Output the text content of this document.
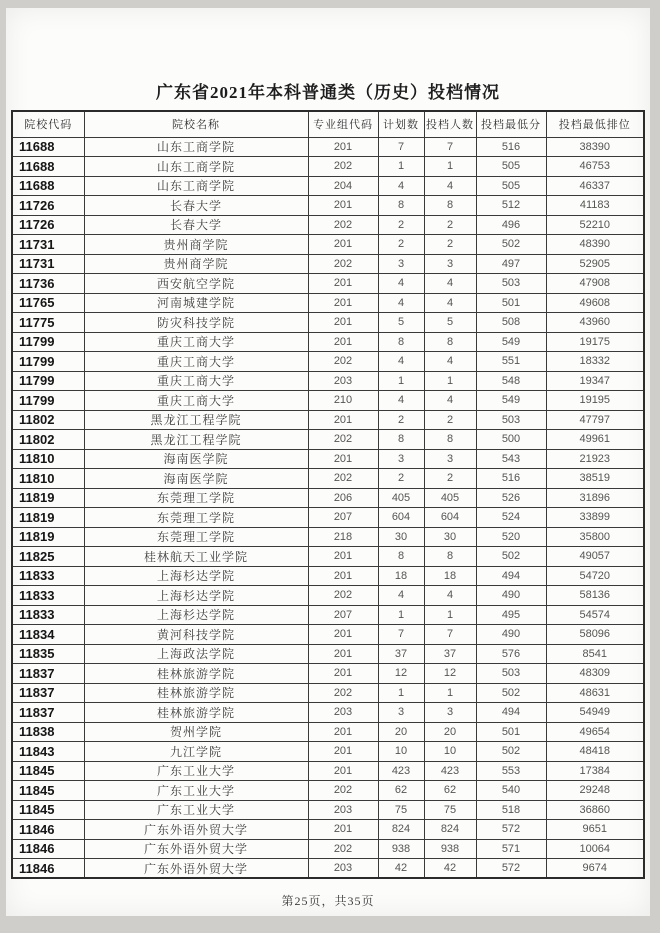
广东省2021年本科普通类（历史）投档情况
院校代码	院校名称	专业组代码	计划数	投档人数	投档最低分	投档最低排位
11688	山东工商学院	201	7	7	516	38390
11688	山东工商学院	202	1	1	505	46753
11688	山东工商学院	204	4	4	505	46337
11726	长春大学	201	8	8	512	41183
11726	长春大学	202	2	2	496	52210
11731	贵州商学院	201	2	2	502	48390
11731	贵州商学院	202	3	3	497	52905
11736	西安航空学院	201	4	4	503	47908
11765	河南城建学院	201	4	4	501	49608
11775	防灾科技学院	201	5	5	508	43960
11799	重庆工商大学	201	8	8	549	19175
11799	重庆工商大学	202	4	4	551	18332
11799	重庆工商大学	203	1	1	548	19347
11799	重庆工商大学	210	4	4	549	19195
11802	黑龙江工程学院	201	2	2	503	47797
11802	黑龙江工程学院	202	8	8	500	49961
11810	海南医学院	201	3	3	543	21923
11810	海南医学院	202	2	2	516	38519
11819	东莞理工学院	206	405	405	526	31896
11819	东莞理工学院	207	604	604	524	33899
11819	东莞理工学院	218	30	30	520	35800
11825	桂林航天工业学院	201	8	8	502	49057
11833	上海杉达学院	201	18	18	494	54720
11833	上海杉达学院	202	4	4	490	58136
11833	上海杉达学院	207	1	1	495	54574
11834	黄河科技学院	201	7	7	490	58096
11835	上海政法学院	201	37	37	576	8541
11837	桂林旅游学院	201	12	12	503	48309
11837	桂林旅游学院	202	1	1	502	48631
11837	桂林旅游学院	203	3	3	494	54949
11838	贺州学院	201	20	20	501	49654
11843	九江学院	201	10	10	502	48418
11845	广东工业大学	201	423	423	553	17384
11845	广东工业大学	202	62	62	540	29248
11845	广东工业大学	203	75	75	518	36860
11846	广东外语外贸大学	201	824	824	572	9651
11846	广东外语外贸大学	202	938	938	571	10064
11846	广东外语外贸大学	203	42	42	572	9674
第25页，共35页
